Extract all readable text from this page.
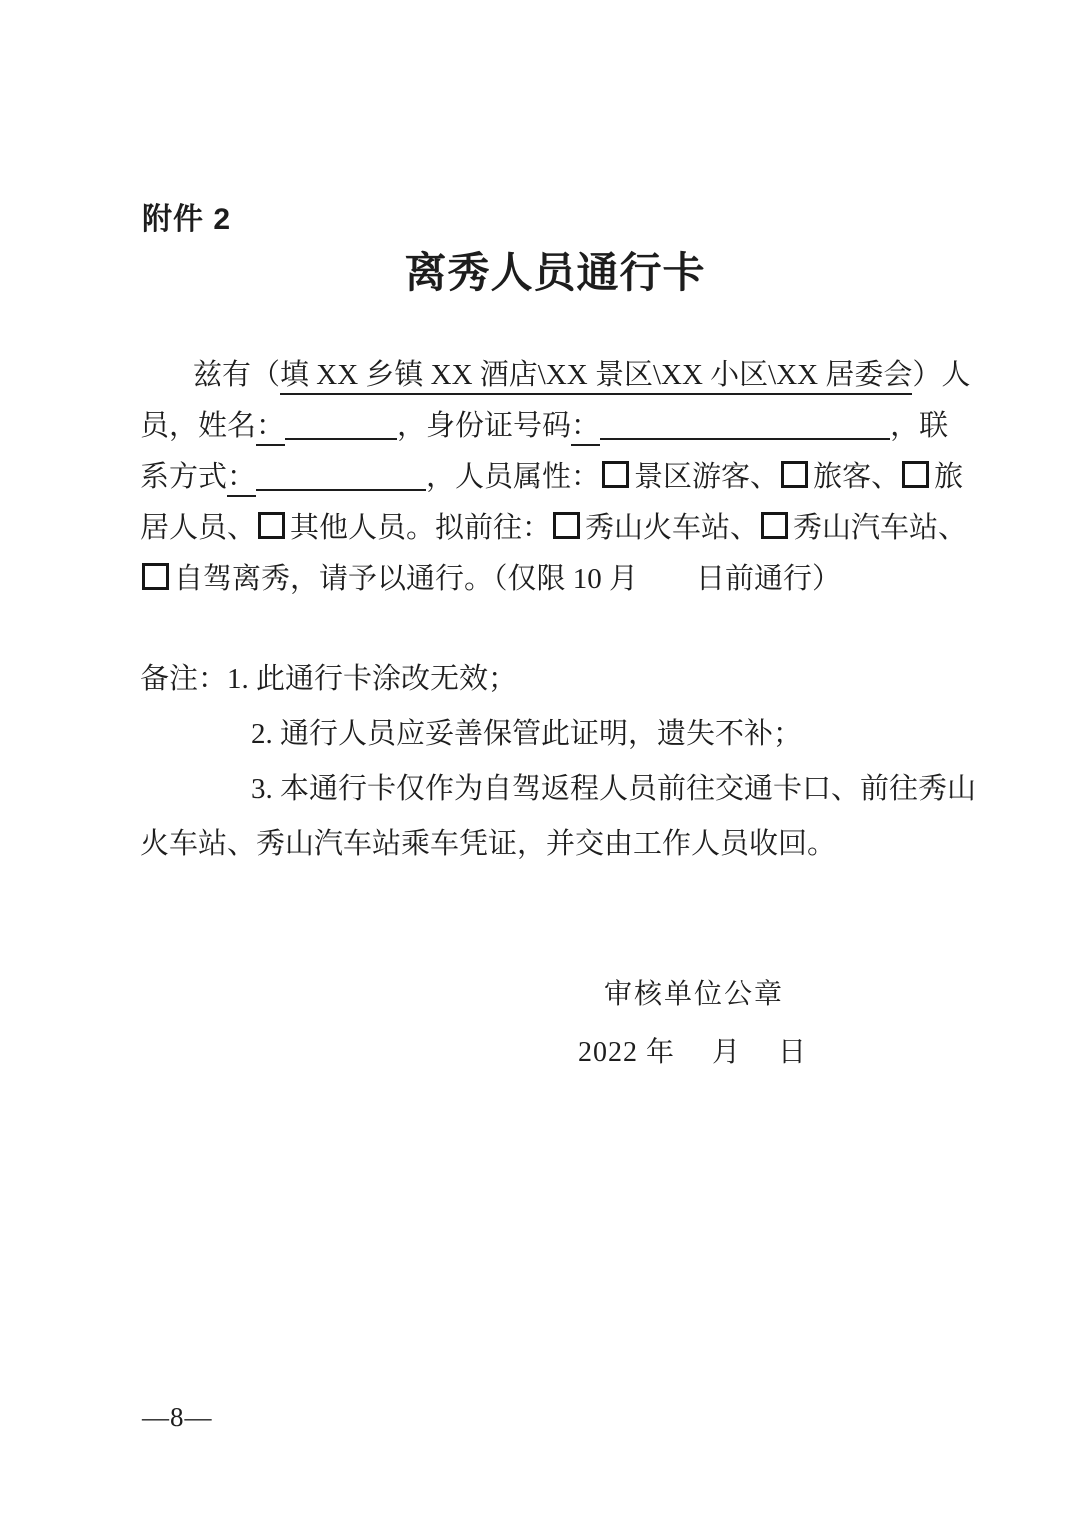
附件 2
离秀人员通行卡
兹有（填 XX 乡镇 XX 酒店\XX 景区\XX 小区\XX 居委会）人
员，姓名：	，身份证号码：	，联
系方式：	，人员属性： 景区游客、 旅客、 旅
居人员、 其他人员。拟前往： 秀山火车站、 秀山汽车站、
自驾离秀，请予以通行。（仅限 10 月　　日前通行）
备注：1. 此通行卡涂改无效；
2. 通行人员应妥善保管此证明，遗失不补；
3. 本通行卡仅作为自驾返程人员前往交通卡口、前往秀山
火车站、秀山汽车站乘车凭证，并交由工作人员收回。
审核单位公章
2022 年　 月　 日
—8—
